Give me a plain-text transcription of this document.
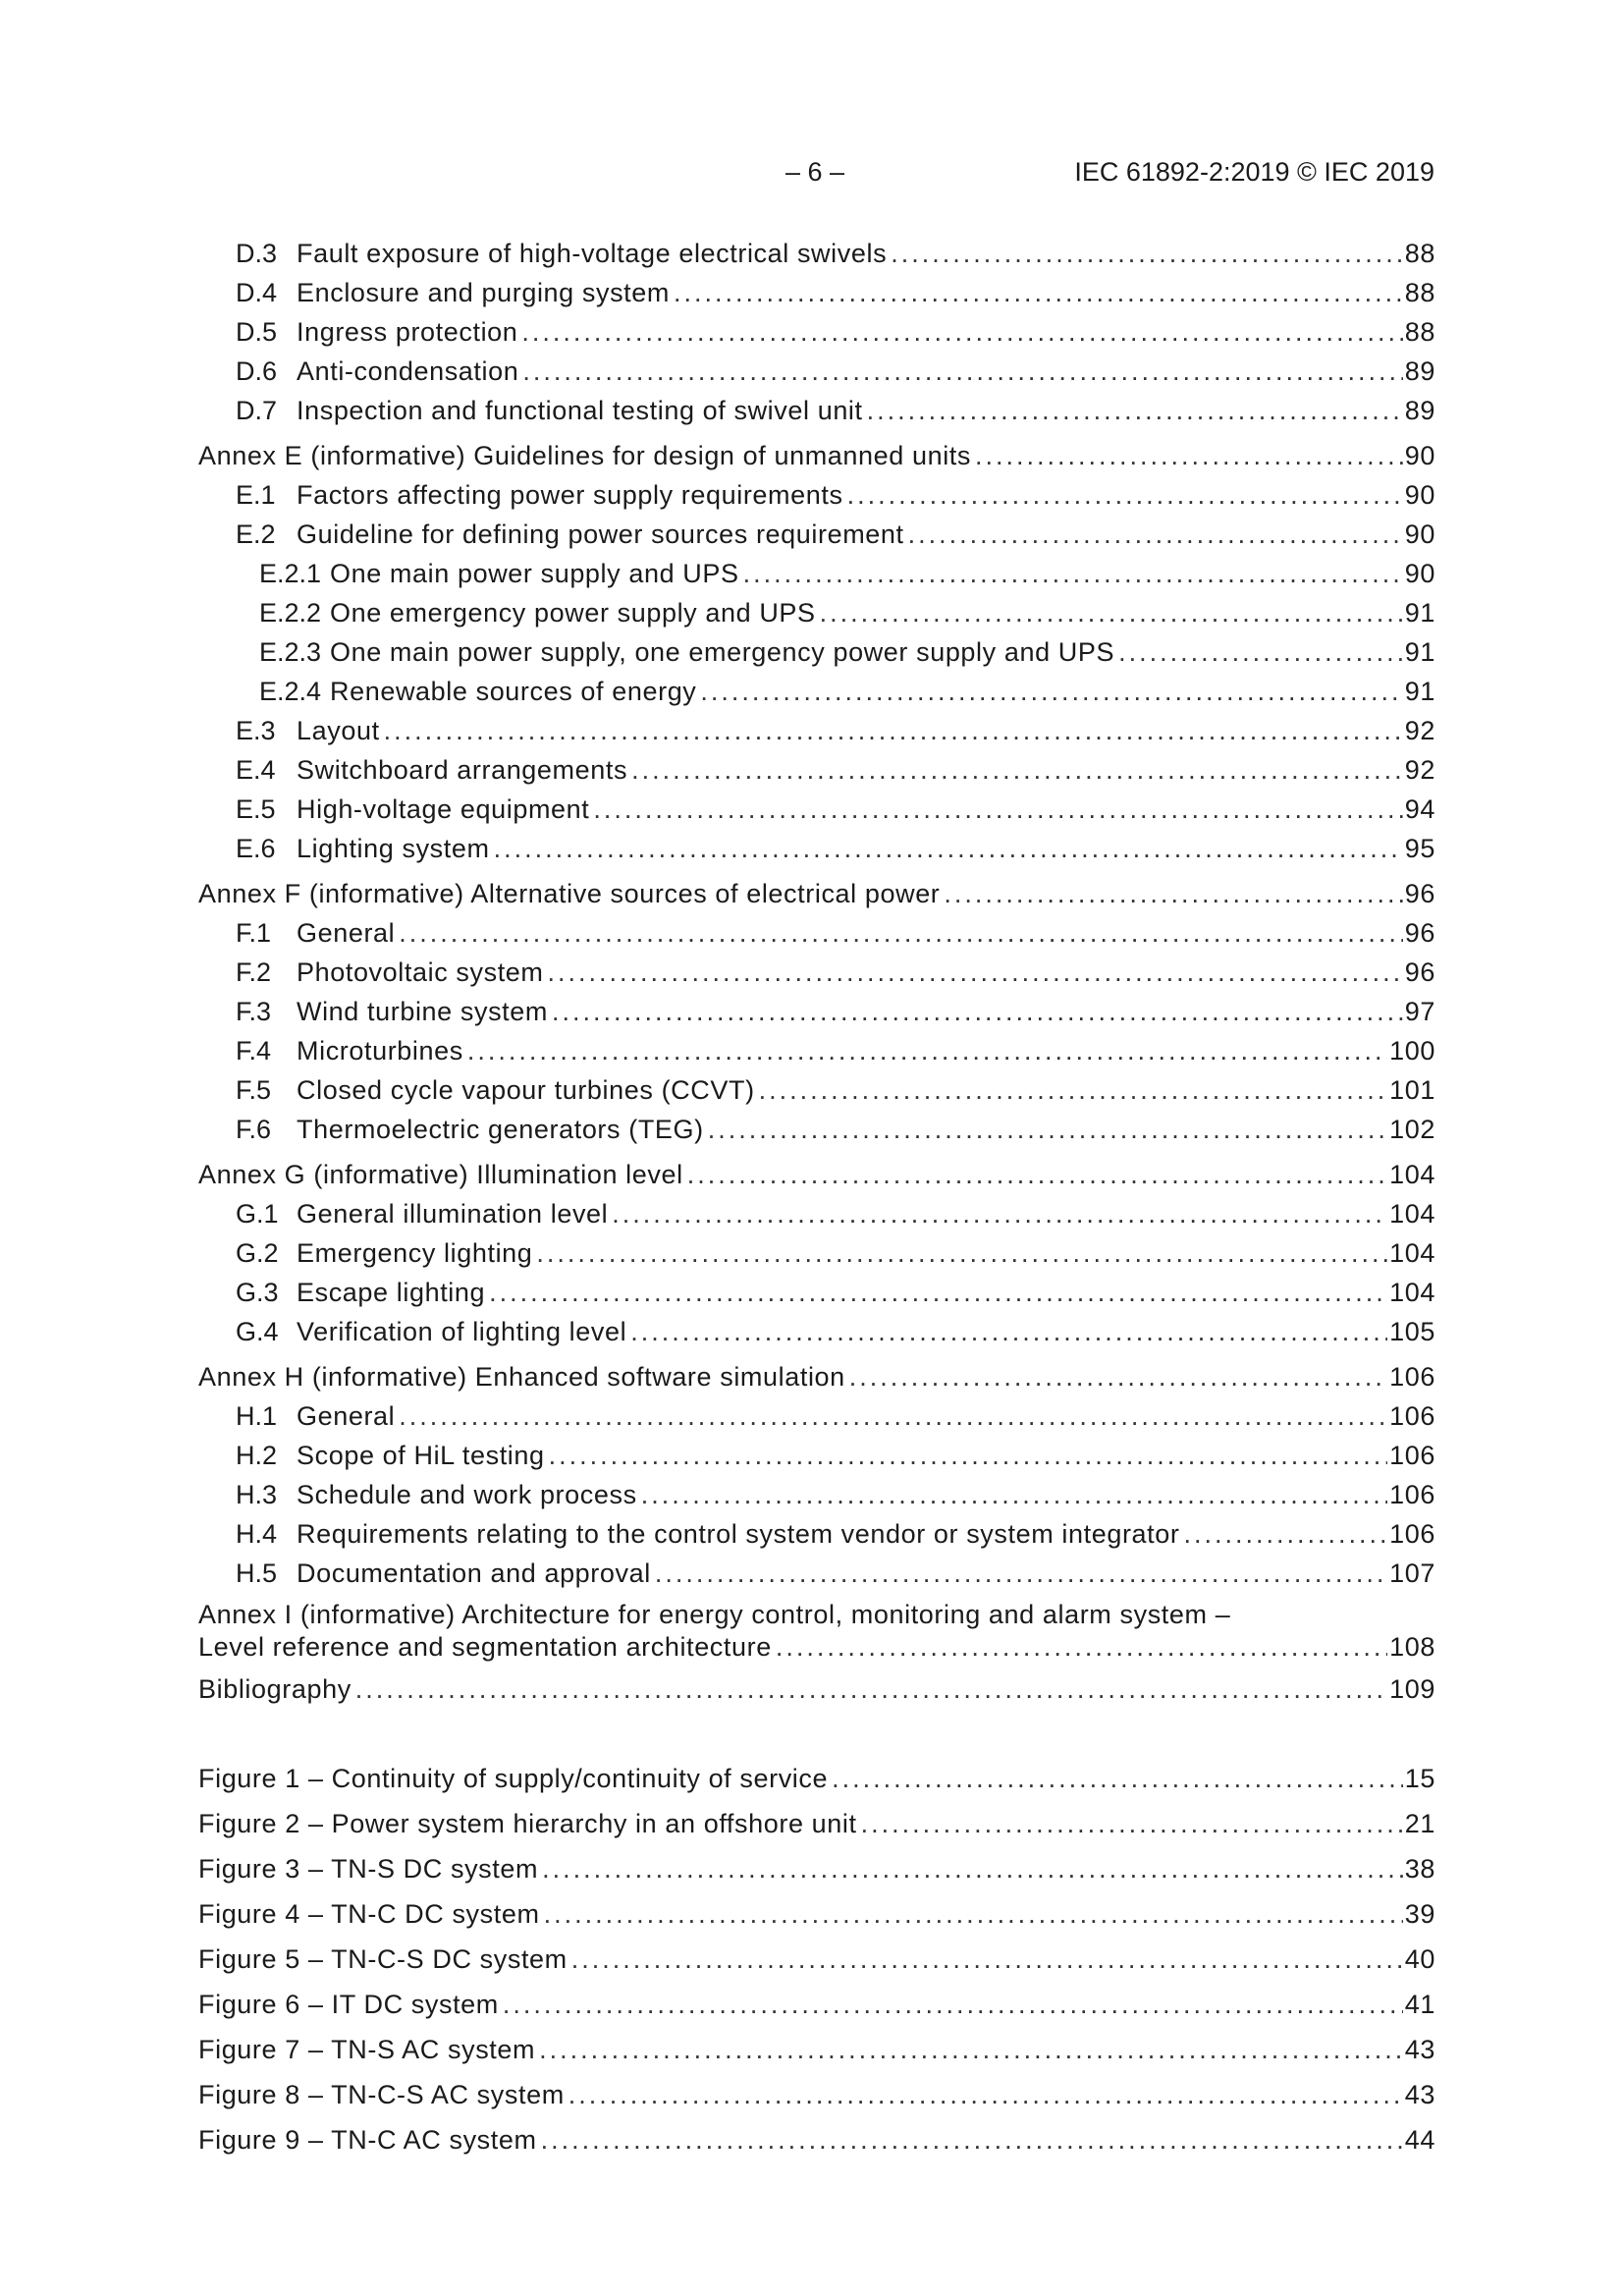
– 6 –	IEC 61892-2:2019 © IEC 2019
D.3 Fault exposure of high-voltage electrical swivels .....	88
D.4 Enclosure and purging system .....	88
D.5 Ingress protection .....	88
D.6 Anti-condensation .....	89
D.7 Inspection and functional testing of swivel unit .....	89
Annex E (informative) Guidelines for design of unmanned units .....	90
E.1 Factors affecting power supply requirements .....	90
E.2 Guideline for defining power sources requirement .....	90
E.2.1 One main power supply and UPS .....	90
E.2.2 One emergency power supply and UPS .....	91
E.2.3 One main power supply, one emergency power supply and UPS .....	91
E.2.4 Renewable sources of energy .....	91
E.3 Layout .....	92
E.4 Switchboard arrangements .....	92
E.5 High-voltage equipment .....	94
E.6 Lighting system .....	95
Annex F (informative) Alternative sources of electrical power .....	96
F.1 General .....	96
F.2 Photovoltaic system .....	96
F.3 Wind turbine system .....	97
F.4 Microturbines .....	100
F.5 Closed cycle vapour turbines (CCVT) .....	101
F.6 Thermoelectric generators (TEG) .....	102
Annex G (informative) Illumination level .....	104
G.1 General illumination level .....	104
G.2 Emergency lighting .....	104
G.3 Escape lighting .....	104
G.4 Verification of lighting level .....	105
Annex H (informative) Enhanced software simulation .....	106
H.1 General .....	106
H.2 Scope of HiL testing .....	106
H.3 Schedule and work process .....	106
H.4 Requirements relating to the control system vendor or system integrator .....	106
H.5 Documentation and approval .....	107
Annex I (informative) Architecture for energy control, monitoring and alarm system –
Level reference and segmentation architecture .....	108
Bibliography .....	109
Figure 1 – Continuity of supply/continuity of service .....	15
Figure 2 – Power system hierarchy in an offshore unit .....	21
Figure 3 – TN-S DC system .....	38
Figure 4 – TN-C DC system .....	39
Figure 5 – TN-C-S DC system .....	40
Figure 6 – IT DC system .....	41
Figure 7 – TN-S AC system .....	43
Figure 8 – TN-C-S AC system .....	43
Figure 9 – TN-C AC system .....	44
